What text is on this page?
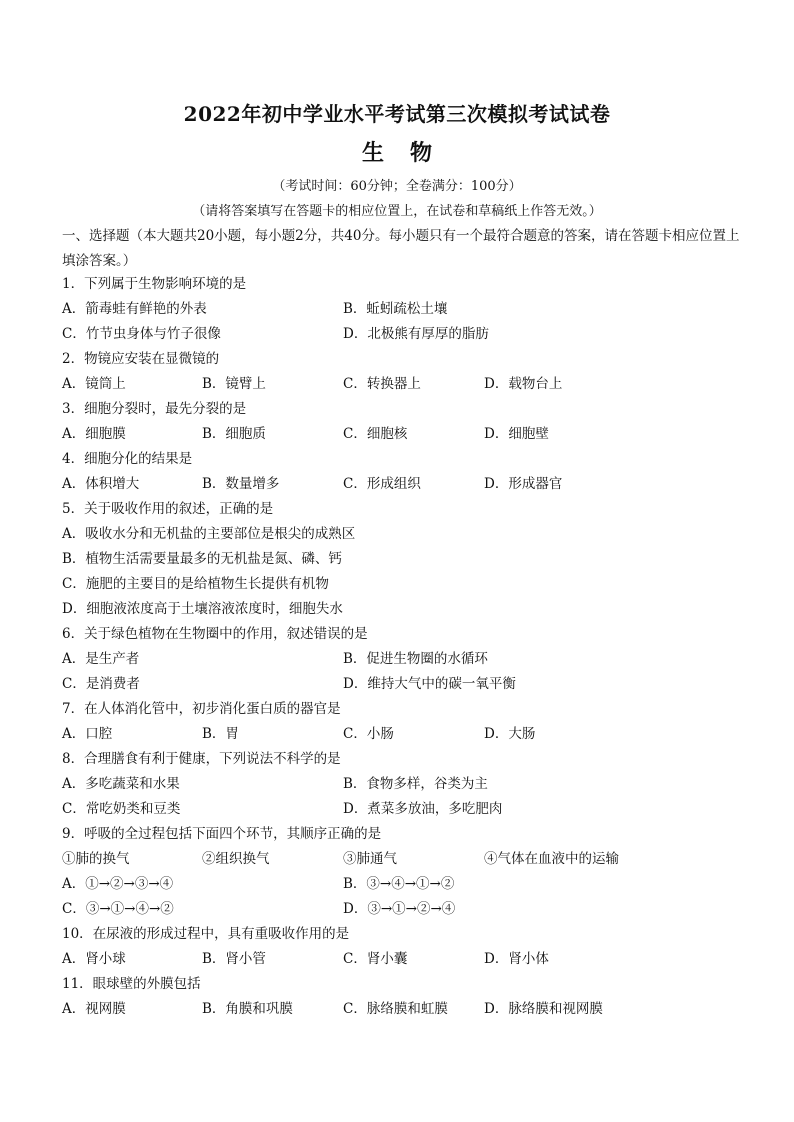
2022年初中学业水平考试第三次模拟考试试卷
生物
（考试时间：60分钟；全卷满分：100分）
（请将答案填写在答题卡的相应位置上，在试卷和草稿纸上作答无效。）
一、选择题（本大题共20小题，每小题2分，共40分。每小题只有一个最符合题意的答案，请在答题卡相应位置上填涂答案。）
1．下列属于生物影响环境的是
A．箭毒蛙有鲜艳的外表	B．蚯蚓疏松土壤
C．竹节虫身体与竹子很像	D．北极熊有厚厚的脂肪
2．物镜应安装在显微镜的
A．镜筒上	B．镜臂上	C．转换器上	D．载物台上
3．细胞分裂时，最先分裂的是
A．细胞膜	B．细胞质	C．细胞核	D．细胞壁
4．细胞分化的结果是
A．体积增大	B．数量增多	C．形成组织	D．形成器官
5．关于吸收作用的叙述，正确的是
A．吸收水分和无机盐的主要部位是根尖的成熟区
B．植物生活需要量最多的无机盐是氮、磷、钙
C．施肥的主要目的是给植物生长提供有机物
D．细胞液浓度高于土壤溶液浓度时，细胞失水
6．关于绿色植物在生物圈中的作用，叙述错误的是
A．是生产者	B．促进生物圈的水循环
C．是消费者	D．维持大气中的碳一氧平衡
7．在人体消化管中，初步消化蛋白质的器官是
A．口腔	B．胃	C．小肠	D．大肠
8．合理膳食有利于健康，下列说法不科学的是
A．多吃蔬菜和水果	B．食物多样，谷类为主
C．常吃奶类和豆类	D．煮菜多放油，多吃肥肉
9．呼吸的全过程包括下面四个环节，其顺序正确的是
①肺的换气	②组织换气	③肺通气	④气体在血液中的运输
A．①→②→③→④	B．③→④→①→②
C．③→①→④→②	D．③→①→②→④
10．在尿液的形成过程中，具有重吸收作用的是
A．肾小球	B．肾小管	C．肾小囊	D．肾小体
11．眼球壁的外膜包括
A．视网膜	B．角膜和巩膜	C．脉络膜和虹膜	D．脉络膜和视网膜
